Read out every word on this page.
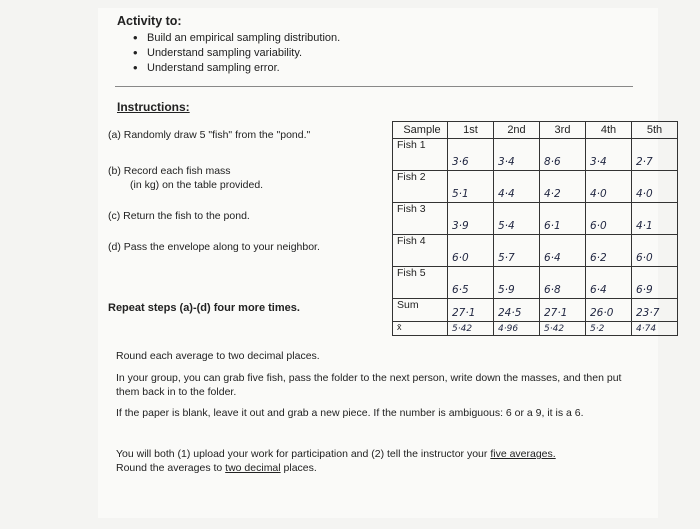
Activity to:
• Build an empirical sampling distribution.
• Understand sampling variability.
• Understand sampling error.
Instructions:
(a) Randomly draw 5 "fish" from the "pond."
(b) Record each fish mass
(in kg) on the table provided.
(c) Return the fish to the pond.
(d) Pass the envelope along to your neighbor.
Repeat steps (a)-(d) four more times.
Sample	1st	2nd	3rd	4th	5th
Fish 1	3·6	3·4	8·6	3·4	2·7
Fish 2	5·1	4·4	4·2	4·0	4·0
Fish 3	3·9	5·4	6·1	6·0	4·1
Fish 4	6·0	5·7	6·4	6·2	6·0
Fish 5	6·5	5·9	6·8	6·4	6·9
Sum	27·1	24·5	27·1	26·0	23·7
x̄	5·42	4·96	5·42	5·2	4·74

Round each average to two decimal places.

In your group, you can grab five fish, pass the folder to the next person, write down the masses, and then put them back in to the folder.

If the paper is blank, leave it out and grab a new piece. If the number is ambiguous: 6 or a 9, it is a 6.

You will both (1) upload your work for participation and (2) tell the instructor your five averages.

Round the averages to two decimal places.
